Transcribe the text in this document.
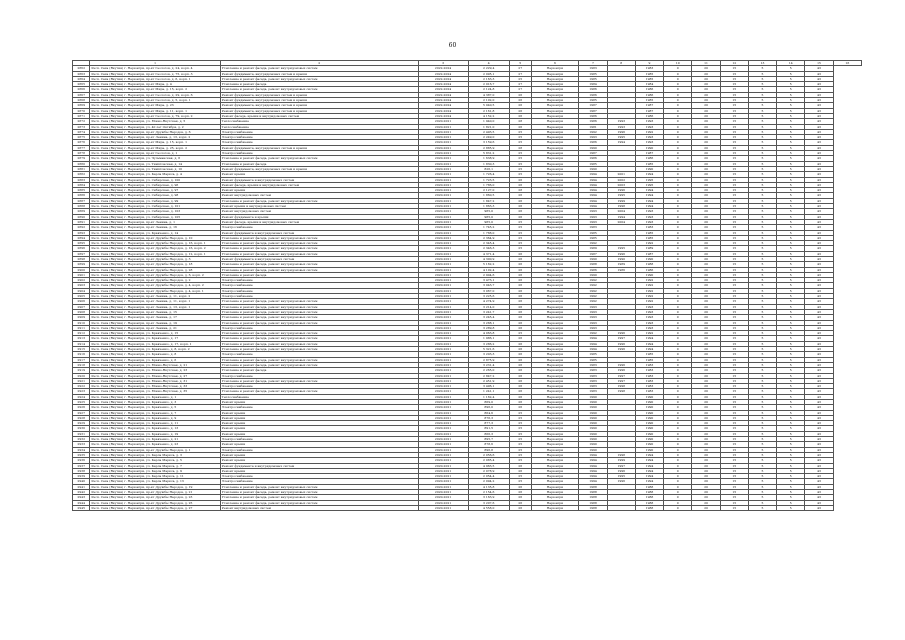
60
	1	2	3	4	5	6	7	8	9	10	11	12	13	14	15	16
2862	Респ. Саха (Якутия) г. Нерюнгри, пр-кт Геологов, д. 24, корп. 4	Утепление и ремонт фасада, ремонт внутридомовых систем	2022-2024	2 229,4	27	Нерюнгри	1983		1983	0	20	15	5	5	43	
2863	Респ. Саха (Якутия) г. Нерюнгри, пр-кт Геологов, д. 75, корп. 3	Ремонт фундамента, внутридомовых систем и крыши	2022-2024	2 095,1	27	Нерюнгри	1985		1985	0	20	15	5	5	43	
2864	Респ. Саха (Якутия) г. Нерюнгри, пр-кт Геологов, д. 6, корп. 1	Утепление и ремонт фасада, ремонт внутридомовых систем	2022-2024	2 163,3	25	Нерюнгри	1985		1985	0	20	15	5	5	43	
2865	Респ. Саха (Якутия) г. Нерюнгри, пр-кт Мира, д. 4	Утепление и ремонт фасада	2022-2024	2 016,7	27	Нерюнгри	1984		1984	0	20	15	5	5	43	
2866	Респ. Саха (Якутия) г. Нерюнгри, пр-кт Мира, д. 15, корп. 2	Утепление и ремонт фасада, ремонт внутридомовых систем	2022-2024	2 124,8	27	Нерюнгри	1986		1986	0	20	15	5	5	43	
2867	Респ. Саха (Якутия) г. Нерюнгри, пр-кт Геологов, д. 29, корп. 6	Ремонт фундамента, внутридомовых систем и крыши	2022-2024	4 387,0	26	Нерюнгри	1986		1986	0	20	15	5	5	43	
2868	Респ. Саха (Якутия) г. Нерюнгри, пр-кт Геологов, д. 5, корп. 1	Ремонт фундамента, внутридомовых систем и крыши	2022-2024	2 102,0	26	Нерюнгри	1985		1985	0	20	15	5	5	43	
2869	Респ. Саха (Якутия) г. Нерюнгри, пр-кт Мира, д. 23	Ремонт фундамента, внутридомовых систем и крыши	2022-2024	5 040,5	26	Нерюнгри	1987		1987	0	20	15	5	5	43	
2870	Респ. Саха (Якутия) г. Нерюнгри, пр-кт Мира, д. 11, корп. 1	Ремонт фундамента, внутридомовых систем и крыши	2022-2024	2 161,8	26	Нерюнгри	1987		1987	0	20	15	5	5	43	
2871	Респ. Саха (Якутия) г. Нерюнгри, пр-кт Геологов, д. 79, корп. 2	Ремонт фасада, крыши и внутридомовых систем	2022-2024	4 152,2	26	Нерюнгри	1986		1986	0	20	15	5	5	43	
2872	Респ. Саха (Якутия) г. Нерюнгри, ул. Южно-Якутская, д. 5	Теплоснабжение	2020-2021	1 940,0	28	Нерюнгри	1986	1993	1993	0	20	15	5	5	43	
2873	Респ. Саха (Якутия) г. Нерюнгри, ул. 40 лет Октября, д. 2	Теплоснабжение	2020-2021	1 821,0	26	Нерюнгри	1981	1993	1993	0	20	15	5	5	43	
2874	Респ. Саха (Якутия) г. Нерюнгри, пр-кт Дружбы Народов, д. 6	Электроснабжение	2020-2021	2 493,5	25	Нерюнгри	1992	1996	1992	0	20	15	5	5	43	
2875	Респ. Саха (Якутия) г. Нерюнгри, пр-кт Ленина, д. 13, корп. 2	Электроснабжение	2020-2021	2 249,0	25	Нерюнгри	1993	1995	1993	0	20	15	5	5	43	
2876	Респ. Саха (Якутия) г. Нерюнгри, пр-кт Мира, д. 15, корп. 1	Электроснабжение	2020-2021	3 159,6	25	Нерюнгри	1986	1994	1993	0	20	15	5	5	43	
2877	Респ. Саха (Якутия) г. Нерюнгри, пр-кт Мира, д. 25, корп. 2	Ремонт фундамента, внутридомовых систем и крыши	2020-2021	2 885,9	28	Нерюнгри	1990		1990	0	20	15	5	5	43	
2878	Респ. Саха (Якутия) г. Нерюнгри, пр-кт Геологов, д. 1	Электроснабжение	2020-2021	5 831,2	25	Нерюнгри	1987		1987	0	20	15	5	5	43	
2879	Респ. Саха (Якутия) г. Нерюнгри, ул. Чульманская, д. 6	Утепление и ремонт фасада, ремонт внутридомовых систем	2020-2021	1 638,9	25	Нерюнгри	1986		1986	0	20	15	5	5	43	
2880	Респ. Саха (Якутия) г. Нерюнгри, ул. Тимптонская, д. 14	Утепление и ремонт фасада	2020-2021	1 830,3	25	Нерюнгри	1985		1985	0	20	15	5	5	43	
2881	Респ. Саха (Якутия) г. Нерюнгри, ул. Тимптонская, д. 10	Ремонт фундамента, внутридомовых систем и крыши	2020-2021	826,1	25	Нерюнгри	1990		1990	0	20	15	5	5	43	
2882	Респ. Саха (Якутия) г. Нерюнгри, ул. Карла Маркса, д. 4	Ремонт крыши	2020-2021	1 726,4	25	Нерюнгри	1994	2001	1994	0	20	15	5	5	43	
2883	Респ. Саха (Якутия) г. Нерюнгри, ул. Сибирская, д. 100	Ремонт фундамента и внутридомовых систем	2020-2021	1 723,5	26	Нерюнгри	1994	2002	1995	0	20	15	5	5	43	
2884	Респ. Саха (Якутия) г. Нерюнгри, ул. Сибирская, д. 96	Ремонт фасада, крыши и внутридомовых систем	2020-2021	1 786,0	26	Нерюнгри	1994	2003	1995	0	20	15	5	5	43	
2885	Респ. Саха (Якутия) г. Нерюнгри, ул. Сибирская, д. 97	Ремонт крыши	2020-2021	2 127,0	28	Нерюнгри	1994	1996	1994	0	20	15	5	5	43	
2886	Респ. Саха (Якутия) г. Нерюнгри, ул. Сибирская, д. 98	Ремонт внутридомовых систем	2020-2021	1 860,5	26	Нерюнгри	1994	1995	1994	0	20	15	5	5	43	
2887	Респ. Саха (Якутия) г. Нерюнгри, ул. Сибирская, д. 99	Утепление и ремонт фасада, ремонт внутридомовых систем	2020-2021	1 847,2	26	Нерюнгри	1994	1999	1994	0	20	15	5	5	43	
2888	Респ. Саха (Якутия) г. Нерюнгри, ул. Сибирская, д. 101	Ремонт крыши и внутридомовых систем	2020-2021	1 863,3	26	Нерюнгри	1994	1998	1994	0	20	15	5	5	43	
2889	Респ. Саха (Якутия) г. Нерюнгри, ул. Сибирская, д. 103	Ремонт внутридомовых систем	2020-2021	985,0	26	Нерюнгри	1993	2004	1993	0	20	15	5	5	43	
2890	Респ. Саха (Якутия) г. Нерюнгри, ул. Сибирская, д. 105	Ремонт фундамента и крыши	2020-2021	985,0	26	Нерюнгри	1993	1994	1993	0	20	15	5	5	43	
2891	Респ. Саха (Якутия) г. Нерюнгри, пр-кт Ленина, д. 1	Ремонт фасада, крыши и внутридомовых систем	2020-2021	985,0	25	Нерюнгри	1993	2004	1993	0	20	15	5	5	43	
2892	Респ. Саха (Якутия) г. Нерюнгри, пр-кт Ленина, д. 16	Электроснабжение	2020-2021	1 745,2	25	Нерюнгри	1983		1983	0	20	15	5	5	43	
2893	Респ. Саха (Якутия) г. Нерюнгри, ул. Кравченко, д. 14	Ремонт фундамента и внутридомовых систем	2020-2021	1 788,0	25	Нерюнгри	1985		1985	0	20	15	5	5	43	
2894	Респ. Саха (Якутия) г. Нерюнгри, пр-кт Дружбы Народов, д. 10	Утепление и ремонт фасада, ремонт внутридомовых систем	2020-2021	2 364,9	25	Нерюнгри	1985		1985	0	20	15	5	5	43	
2895	Респ. Саха (Якутия) г. Нерюнгри, пр-кт Дружбы Народов, д. 16, корп. 1	Утепление и ремонт фасада, ремонт внутридомовых систем	2020-2021	2 345,4	25	Нерюнгри	1992		1992	0	20	15	5	5	43	
2896	Респ. Саха (Якутия) г. Нерюнгри, пр-кт Дружбы Народов, д. 16, корп. 2	Утепление и ремонт фасада, ремонт внутридомовых систем	2020-2021	2 346,3	25	Нерюнгри	1989	1995	1989	0	20	15	5	5	43	
2897	Респ. Саха (Якутия) г. Нерюнгри, пр-кт Дружбы Народов, д. 12, корп. 1	Утепление и ремонт фасада, ремонт внутридомовых систем	2020-2021	4 371,4	26	Нерюнгри	1987	1996	1987	0	20	15	5	5	43	
2898	Респ. Саха (Якутия) г. Нерюнгри, пр-кт Дружбы Народов, д. 3	Ремонт фундамента и внутридомовых систем	2020-2021	4 300,9	26	Нерюнгри	1990	1990	1990	0	20	15	5	5	43	
2899	Респ. Саха (Якутия) г. Нерюнгри, пр-кт Дружбы Народов, д. 18	Утепление и ремонт фасада, ремонт внутридомовых систем	2020-2021	5 162,2	26	Нерюнгри	1988	1989	1988	0	20	15	5	5	43	
2900	Респ. Саха (Якутия) г. Нерюнгри, пр-кт Дружбы Народов, д. 28	Утепление и ремонт фасада, ремонт внутридомовых систем	2020-2021	4 102,4	26	Нерюнгри	1986	1986	1986	0	20	15	5	5	43	
2901	Респ. Саха (Якутия) г. Нерюнгри, пр-кт Дружбы Народов, д. 6, корп. 2	Утепление и ремонт фасада	2020-2021	2 904,6	26	Нерюнгри	1990		1990	0	20	15	5	5	43	
2902	Респ. Саха (Якутия) г. Нерюнгри, пр-кт Дружбы Народов, д. 2	Электроснабжение	2020-2021	3 473,1	26	Нерюнгри	1992		1992	0	20	15	5	5	43	
2903	Респ. Саха (Якутия) г. Нерюнгри, пр-кт Дружбы Народов, д. 4, корп. 2	Электроснабжение	2020-2021	3 043,7	26	Нерюнгри	1992		1992	0	20	15	5	5	43	
2904	Респ. Саха (Якутия) г. Нерюнгри, пр-кт Дружбы Народов, д. 4, корп. 1	Электроснабжение	2020-2021	3 067,0	26	Нерюнгри	1992		1992	0	20	15	5	5	43	
2905	Респ. Саха (Якутия) г. Нерюнгри, пр-кт Ленина, д. 11, корп. 2	Электроснабжение	2020-2021	3 225,6	26	Нерюнгри	1992		1992	0	20	15	5	5	43	
2906	Респ. Саха (Якутия) г. Нерюнгри, пр-кт Ленина, д. 11, корп. 1	Утепление и ремонт фасада, ремонт внутридомовых систем	2020-2021	4 274,9	26	Нерюнгри	1992		1992	0	20	15	5	5	43	
2907	Респ. Саха (Якутия) г. Нерюнгри, пр-кт Ленина, д. 13, корп. 1	Утепление и ремонт фасада, ремонт внутридомовых систем	2020-2021	3 214,0	26	Нерюнгри	1993		1993	0	20	15	5	5	43	
2908	Респ. Саха (Якутия) г. Нерюнгри, пр-кт Ленина, д. 15	Утепление и ремонт фасада, ремонт внутридомовых систем	2020-2021	3 241,7	26	Нерюнгри	1993		1993	0	20	15	5	5	43	
2909	Респ. Саха (Якутия) г. Нерюнгри, пр-кт Ленина, д. 17	Утепление и ремонт фасада, ремонт внутридомовых систем	2020-2021	3 245,4	26	Нерюнгри	1993		1993	0	20	15	5	5	43	
2910	Респ. Саха (Якутия) г. Нерюнгри, пр-кт Ленина, д. 19	Утепление и ремонт фасада, ремонт внутридомовых систем	2020-2021	3 288,1	26	Нерюнгри	1993		1993	0	20	15	5	5	43	
2911	Респ. Саха (Якутия) г. Нерюнгри, пр-кт Ленина, д. 21	Электроснабжение	2020-2021	3 289,8	26	Нерюнгри	1993		1993	0	20	15	5	5	43	
2912	Респ. Саха (Якутия) г. Нерюнгри, ул. Кравченко, д. 15	Утепление и ремонт фасада, ремонт внутридомовых систем	2020-2021	4 063,8	25	Нерюнгри	1992	1996	1992	0	20	15	5	5	43	
2913	Респ. Саха (Якутия) г. Нерюнгри, ул. Кравченко, д. 17	Утепление и ремонт фасада, ремонт внутридомовых систем	2020-2021	1 986,1	26	Нерюнгри	1994	1997	1994	0	20	15	5	5	43	
2914	Респ. Саха (Якутия) г. Нерюнгри, ул. Кравченко, д. 17, корп. 1	Утепление и ремонт фасада, ремонт внутридомовых систем	2020-2021	3 286,2	26	Нерюнгри	1994	1996	1994	0	20	15	5	5	43	
2915	Респ. Саха (Якутия) г. Нерюнгри, ул. Кравченко, д. 8, корп. 2	Утепление и ремонт фасада, ремонт внутридомовых систем	2020-2021	5 321,6	26	Нерюнгри	1994	1996	1994	0	20	15	5	5	43	
2916	Респ. Саха (Якутия) г. Нерюнгри, ул. Кравченко, д. 8	Электроснабжение	2020-2021	3 203,3	26	Нерюнгри	1985		1985	0	20	15	5	5	43	
2917	Респ. Саха (Якутия) г. Нерюнгри, ул. Кравченко, д. 6	Утепление и ремонт фасада, ремонт внутридомовых систем	2020-2021	2 875,9	26	Нерюнгри	1985		1985	0	20	15	5	5	43	
2918	Респ. Саха (Якутия) г. Нерюнгри, ул. Южно-Якутская, д. 21	Утепление и ремонт фасада, ремонт внутридомовых систем	2020-2021	3 231,4	26	Нерюнгри	1983	1996	1983	0	20	15	5	5	43	
2919	Респ. Саха (Якутия) г. Нерюнгри, ул. Южно-Якутская, д. 23	Утепление и ремонт фасада	2020-2021	2 265,0	26	Нерюнгри	1983	1996	1983	0	20	15	5	5	43	
2920	Респ. Саха (Якутия) г. Нерюнгри, ул. Южно-Якутская, д. 27	Электроснабжение	2020-2021	2 847,2	26	Нерюнгри	1983	1997	1983	0	20	15	5	5	43	
2921	Респ. Саха (Якутия) г. Нерюнгри, ул. Южно-Якутская, д. 31	Утепление и ремонт фасада, ремонт внутридомовых систем	2020-2021	2 451,9	26	Нерюнгри	1983	1997	1983	0	20	15	5	5	43	
2922	Респ. Саха (Якутия) г. Нерюнгри, ул. Южно-Якутская, д. 33	Электроснабжение	2020-2021	3 496,1	26	Нерюнгри	1983	1998	1983	0	20	15	5	5	43	
2923	Респ. Саха (Якутия) г. Нерюнгри, ул. Южно-Якутская, д. 35	Утепление и ремонт фасада, ремонт внутридомовых систем	2020-2021	1 241,1	26	Нерюнгри	1983	1998	1983	0	20	15	5	5	43	
2924	Респ. Саха (Якутия) г. Нерюнгри, ул. Кравченко, д. 1	Теплоснабжение	2020-2021	1 162,4	26	Нерюнгри	1990		1990	0	20	15	5	5	43	
2925	Респ. Саха (Якутия) г. Нерюнгри, ул. Кравченко, д. 3	Ремонт крыши	2020-2021	869,0	26	Нерюнгри	1990		1990	0	20	15	5	5	43	
2926	Респ. Саха (Якутия) г. Нерюнгри, ул. Кравченко, д. 5	Электроснабжение	2020-2021	896,0	26	Нерюнгри	1990		1990	0	20	15	5	5	43	
2927	Респ. Саха (Якутия) г. Нерюнгри, ул. Кравченко, д. 7	Ремонт крыши	2020-2021	864,6	25	Нерюнгри	1990		1990	0	20	15	5	5	43	
2928	Респ. Саха (Якутия) г. Нерюнгри, ул. Кравченко, д. 9	Ремонт крыши	2020-2021	876,3	25	Нерюнгри	1990		1990	0	20	15	5	5	43	
2929	Респ. Саха (Якутия) г. Нерюнгри, ул. Кравченко, д. 11	Ремонт крыши	2020-2021	877,3	25	Нерюнгри	1990		1990	0	20	15	5	5	43	
2930	Респ. Саха (Якутия) г. Нерюнгри, ул. Кравченко, д. 13	Ремонт крыши	2020-2021	891,5	25	Нерюнгри	1990		1990	0	20	15	5	5	43	
2931	Респ. Саха (Якутия) г. Нерюнгри, ул. Кравченко, д. 19	Ремонт крыши	2020-2021	866,3	25	Нерюнгри	1990		1990	0	20	15	5	5	43	
2932	Респ. Саха (Якутия) г. Нерюнгри, ул. Кравченко, д. 21	Электроснабжение	2020-2021	895,7	25	Нерюнгри	1990		1990	0	20	15	5	5	43	
2933	Респ. Саха (Якутия) г. Нерюнгри, ул. Кравченко, д. 23	Ремонт крыши	2020-2021	878,6	25	Нерюнгри	1990		1990	0	20	15	5	5	43	
2934	Респ. Саха (Якутия) г. Нерюнгри, пр-кт Дружбы Народов, д. 1	Электроснабжение	2020-2021	896,8	25	Нерюнгри	1990		1990	0	20	15	5	5	43	
2935	Респ. Саха (Якутия) г. Нерюнгри, ул. Карла Маркса, д. 3	Ремонт крыши	2020-2021	2 056,6	25	Нерюнгри	1994	1998	1994	0	20	15	5	5	43	
2936	Респ. Саха (Якутия) г. Нерюнгри, ул. Карла Маркса, д. 5	Ремонт крыши	2020-2021	2 085,4	25	Нерюнгри	1994	1999	1994	0	20	15	5	5	43	
2937	Респ. Саха (Якутия) г. Нерюнгри, ул. Карла Маркса, д. 7	Ремонт фундамента и внутридомовых систем	2020-2021	4 963,5	26	Нерюнгри	1994	1997	1994	0	20	15	5	5	43	
2938	Респ. Саха (Якутия) г. Нерюнгри, ул. Карла Маркса, д. 9	Ремонт крыши	2020-2021	2 078,9	26	Нерюнгри	1994	1996	1994	0	20	15	5	5	43	
2939	Респ. Саха (Якутия) г. Нерюнгри, ул. Карла Маркса, д. 11	Электроснабжение	2020-2021	2 054,4	25	Нерюнгри	1994	1995	1994	0	20	15	5	5	43	
2940	Респ. Саха (Якутия) г. Нерюнгри, ул. Карла Маркса, д. 13	Электроснабжение	2020-2021	2 094,2	25	Нерюнгри	1994	1996	1994	0	20	15	5	5	43	
2941	Респ. Саха (Якутия) г. Нерюнгри, пр-кт Дружбы Народов, д. 19	Утепление и ремонт фасада, ремонт внутридомовых систем	2020-2021	4 135,8	26	Нерюнгри	1988		1988	0	20	15	5	5	43	
2942	Респ. Саха (Якутия) г. Нерюнгри, пр-кт Дружбы Народов, д. 21	Утепление и ремонт фасада, ремонт внутридомовых систем	2020-2021	2 154,6	26	Нерюнгри	1988		1988	0	20	15	5	5	43	
2943	Респ. Саха (Якутия) г. Нерюнгри, пр-кт Дружбы Народов, д. 23	Утепление и ремонт фасада, ремонт внутридомовых систем	2020-2021	3 163,9	26	Нерюнгри	1988		1988	0	20	15	5	5	43	
2944	Респ. Саха (Якутия) г. Нерюнгри, пр-кт Дружбы Народов, д. 25	Утепление и ремонт фасада, ремонт внутридомовых систем	2020-2021	3 207,6	26	Нерюнгри	1988		1988	0	20	15	5	5	43	
2945	Респ. Саха (Якутия) г. Нерюнгри, пр-кт Дружбы Народов, д. 27	Ремонт внутридомовых систем	2020-2021	4 558,0	26	Нерюнгри	1988		1988	0	20	15	5	5	43	
